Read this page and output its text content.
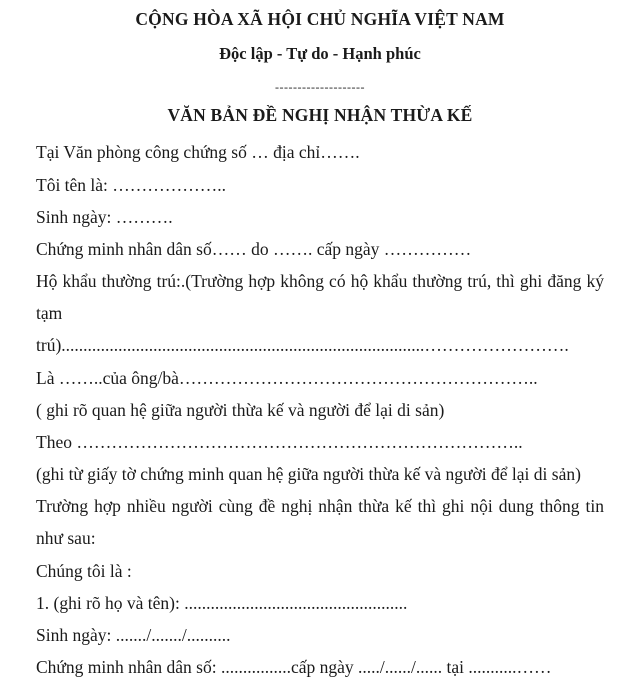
CỘNG HÒA XÃ HỘI CHỦ NGHĨA VIỆT NAM
Độc lập - Tự do - Hạnh phúc
--------------------
VĂN BẢN ĐỀ NGHỊ NHẬN THỪA KẾ
Tại Văn phòng công chứng số … địa chỉ…….
Tôi tên là: ………………..
Sinh ngày: ……….
Chứng minh nhân dân số…… do ……. cấp ngày ……………
Hộ khẩu thường trú:.(Trường hợp không có hộ khẩu thường trú, thì ghi đăng ký
tạm
trú)...................................................................................…………………….
Là ……..của ông/bà……………………………………………………..
( ghi rõ quan hệ giữa người thừa kế và người để lại di sản)
Theo …………………………………………………………………..
(ghi từ giấy tờ chứng minh quan hệ giữa người thừa kế và người để lại di sản)
Trường hợp nhiều người cùng đề nghị nhận thừa kế thì ghi nội dung thông tin
như sau:
Chúng tôi là :
1. (ghi rõ họ và tên): ...................................................
Sinh ngày: ......./......./..........
Chứng minh nhân dân số: ................cấp ngày ...../....../...... tại ...........……
